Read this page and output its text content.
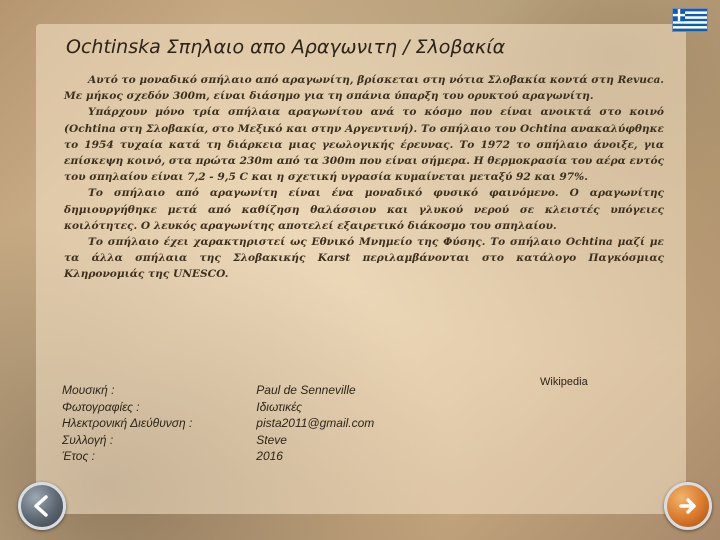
Ochtinska Σπηλαιο απο Αραγωνιτη / Σλοβακία

Αυτό το μοναδικό σπήλαιο από αραγωνίτη, βρίσκεται στη νότια Σλοβακία κοντά στη Revuca. Με μήκος σχεδόν 300m, είναι διάσημο για τη σπάνια ύπαρξη του ορυκτού αραγωνίτη.

Υπάρχουν μόνο τρία σπήλαια αραγωνίτου ανά το κόσμο που είναι ανοικτά στο κοινό (Ochtina στη Σλοβακία, στο Μεξικό και στην Αργεντινή). Το σπήλαιο του Ochtina ανακαλύφθηκε το 1954 τυχαία κατά τη διάρκεια μιας γεωλογικής έρευνας. Το 1972 το σπήλαιο άνοιξε, για επίσκεψη κοινό, στα πρώτα 230m από τα 300m που είναι σήμερα. Η θερμοκρασία του αέρα εντός του σπηλαίου είναι 7,2 - 9,5 C και η σχετική υγρασία κυμαίνεται μεταξύ 92 και 97%.

Το σπήλαιο από αραγωνίτη είναι ένα μοναδικό φυσικό φαινόμενο. Ο αραγωνίτης δημιουργήθηκε μετά από καθίζηση θαλάσσιου και γλυκού νερού σε κλειστές υπόγειες κοιλότητες. Ο λευκός αραγωνίτης αποτελεί εξαιρετικό διάκοσμο του σπηλαίου.

Το σπήλαιο έχει χαρακτηριστεί ως Εθνικό Μνημείο της Φύσης. Το σπήλαιο Ochtina μαζί με τα άλλα σπήλαια της Σλοβακικής Karst περιλαμβάνονται στο κατάλογο Παγκόσμιας Κληρονομιάς της UNESCO.

Μουσική :	Paul de Senneville
Φωτογραφίες :	Ιδιωτικές
Ηλεκτρονική Διεύθυνση :	pista2011@gmail.com
Συλλογή :	Steve
Έτος :	2016
Wikipedia
